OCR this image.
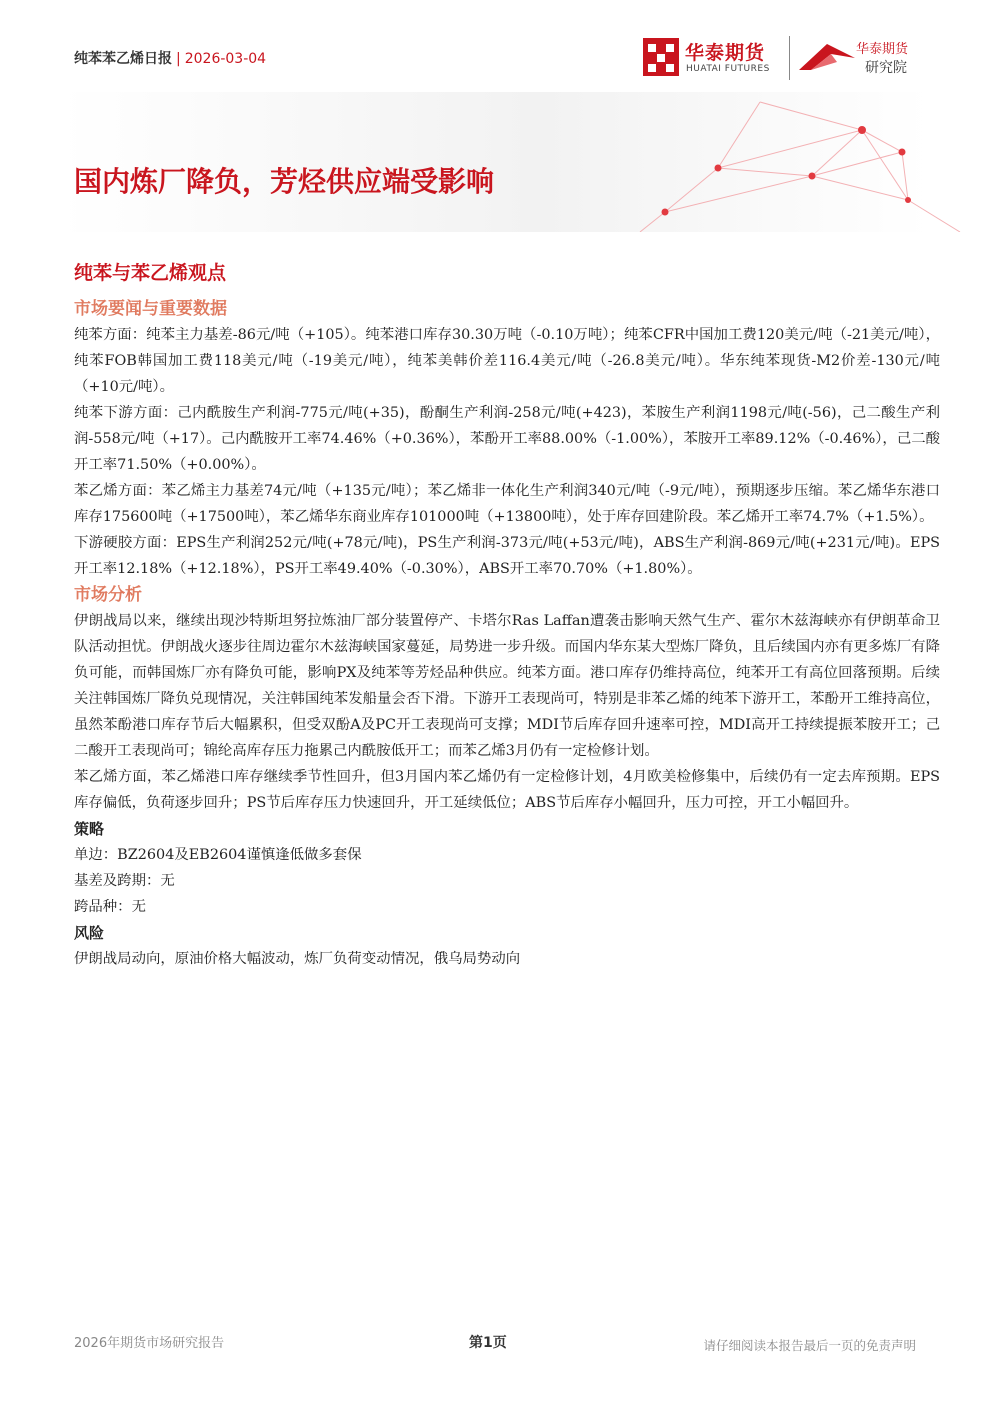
纯苯苯乙烯日报 | 2026-03-04	华泰期货
HUATAI FUTURES
华泰期货
研究院
国内炼厂降负，芳烃供应端受影响
纯苯与苯乙烯观点
市场要闻与重要数据

纯苯方面：纯苯主力基差-86元/吨（+105）。纯苯港口库存30.30万吨（-0.10万吨）；纯苯CFR中国加工费120美元/吨（-21美元/吨），纯苯FOB韩国加工费118美元/吨（-19美元/吨），纯苯美韩价差116.4美元/吨（-26.8美元/吨）。华东纯苯现货-M2价差-130元/吨（+10元/吨）。

纯苯下游方面：己内酰胺生产利润-775元/吨(+35)，酚酮生产利润-258元/吨(+423)，苯胺生产利润1198元/吨(-56)，己二酸生产利润-558元/吨（+17）。己内酰胺开工率74.46%（+0.36%），苯酚开工率88.00%（-1.00%），苯胺开工率89.12%（-0.46%），己二酸开工率71.50%（+0.00%）。

苯乙烯方面：苯乙烯主力基差74元/吨（+135元/吨）；苯乙烯非一体化生产利润340元/吨（-9元/吨），预期逐步压缩。苯乙烯华东港口库存175600吨（+17500吨），苯乙烯华东商业库存101000吨（+13800吨），处于库存回建阶段。苯乙烯开工率74.7%（+1.5%）。

下游硬胶方面：EPS生产利润252元/吨(+78元/吨)，PS生产利润-373元/吨(+53元/吨)，ABS生产利润-869元/吨(+231元/吨)。EPS开工率12.18%（+12.18%），PS开工率49.40%（-0.30%），ABS开工率70.70%（+1.80%）。

市场分析

伊朗战局以来，继续出现沙特斯坦努拉炼油厂部分装置停产、卡塔尔Ras Laffan遭袭击影响天然气生产、霍尔木兹海峡亦有伊朗革命卫队活动担忧。伊朗战火逐步往周边霍尔木兹海峡国家蔓延，局势进一步升级。而国内华东某大型炼厂降负，且后续国内亦有更多炼厂有降负可能，而韩国炼厂亦有降负可能，影响PX及纯苯等芳烃品种供应。纯苯方面。港口库存仍维持高位，纯苯开工有高位回落预期。后续关注韩国炼厂降负兑现情况，关注韩国纯苯发船量会否下滑。下游开工表现尚可，特别是非苯乙烯的纯苯下游开工，苯酚开工维持高位，虽然苯酚港口库存节后大幅累积，但受双酚A及PC开工表现尚可支撑；MDI节后库存回升速率可控，MDI高开工持续提振苯胺开工；己二酸开工表现尚可；锦纶高库存压力拖累己内酰胺低开工；而苯乙烯3月仍有一定检修计划。

苯乙烯方面，苯乙烯港口库存继续季节性回升，但3月国内苯乙烯仍有一定检修计划，4月欧美检修集中，后续仍有一定去库预期。EPS库存偏低，负荷逐步回升；PS节后库存压力快速回升，开工延续低位；ABS节后库存小幅回升，压力可控，开工小幅回升。

策略

单边：BZ2604及EB2604谨慎逢低做多套保

基差及跨期：无

跨品种：无

风险

伊朗战局动向，原油价格大幅波动，炼厂负荷变动情况，俄乌局势动向

2026年期货市场研究报告	第1页	请仔细阅读本报告最后一页的免责声明
